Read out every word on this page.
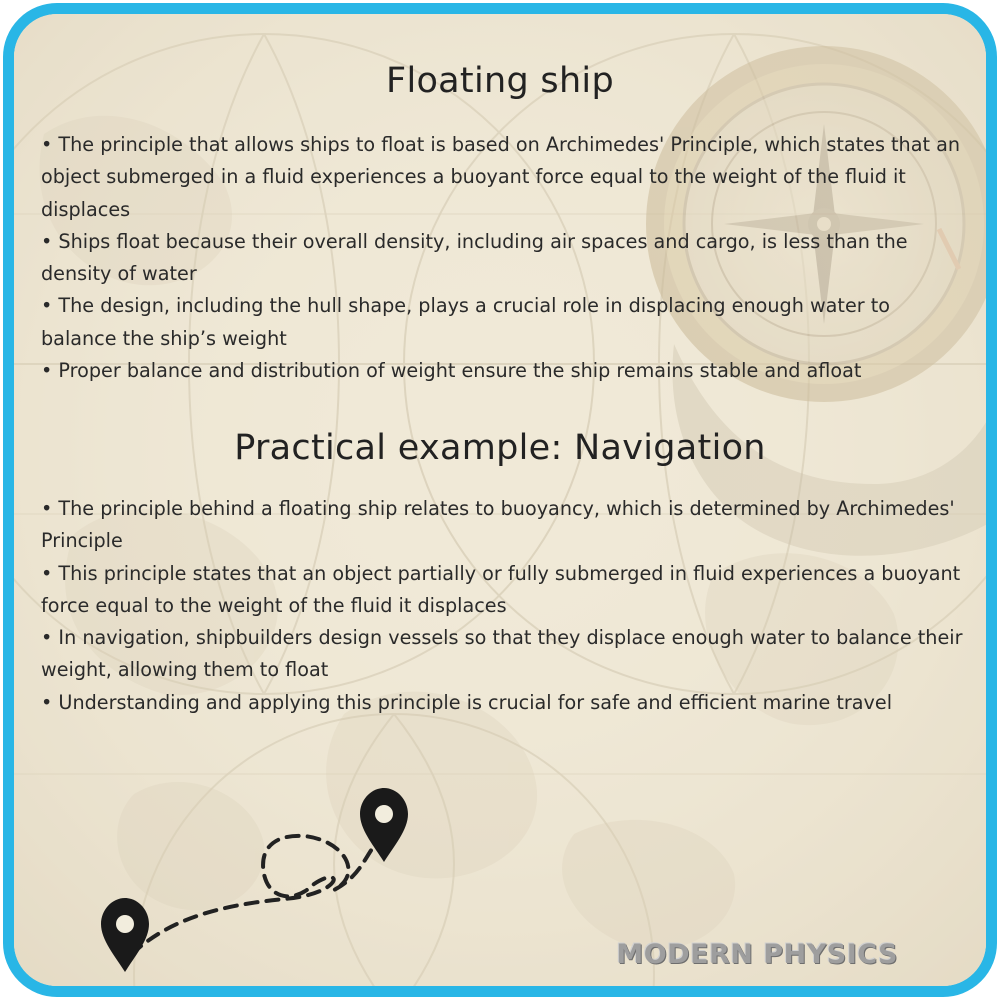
Floating ship
• The principle that allows ships to float is based on Archimedes' Principle, which states that an object submerged in a fluid experiences a buoyant force equal to the weight of the fluid it displaces
• Ships float because their overall density, including air spaces and cargo, is less than the density of water
• The design, including the hull shape, plays a crucial role in displacing enough water to balance the ship’s weight
• Proper balance and distribution of weight ensure the ship remains stable and afloat
Practical example: Navigation
• The principle behind a floating ship relates to buoyancy, which is determined by Archimedes' Principle
• This principle states that an object partially or fully submerged in fluid experiences a buoyant force equal to the weight of the fluid it displaces
• In navigation, shipbuilders design vessels so that they displace enough water to balance their weight, allowing them to float
• Understanding and applying this principle is crucial for safe and efficient marine travel
MODERN PHYSICS
